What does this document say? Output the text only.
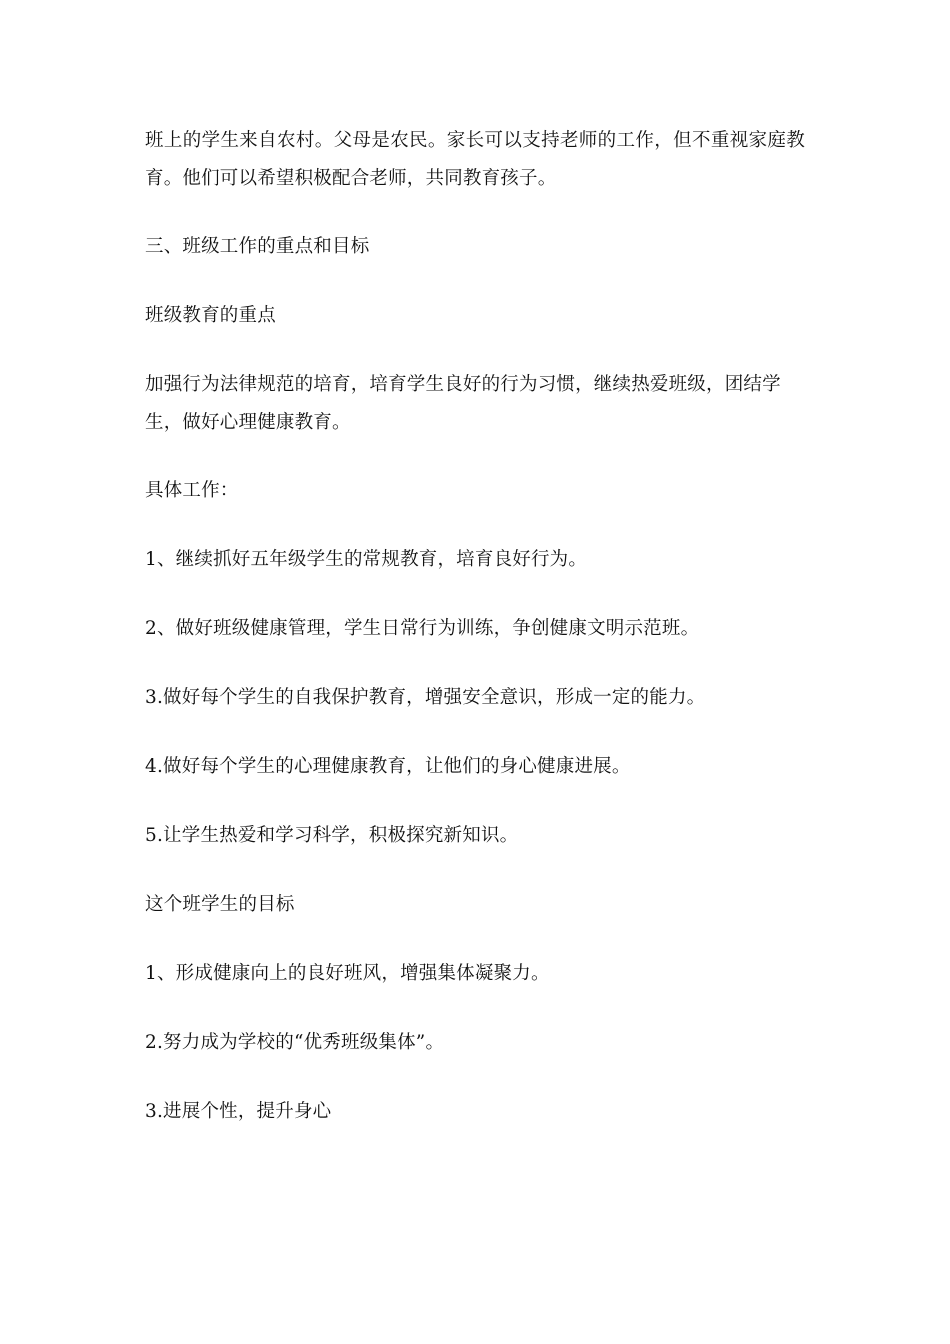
班上的学生来自农村。父母是农民。家长可以支持老师的工作，但不重视家庭教育。他们可以希望积极配合老师，共同教育孩子。

三、班级工作的重点和目标

班级教育的重点

加强行为法律规范的培育，培育学生良好的行为习惯，继续热爱班级，团结学生，做好心理健康教育。

具体工作：

1、继续抓好五年级学生的常规教育，培育良好行为。

2、做好班级健康管理，学生日常行为训练，争创健康文明示范班。

3.做好每个学生的自我保护教育，增强安全意识，形成一定的能力。

4.做好每个学生的心理健康教育，让他们的身心健康进展。

5.让学生热爱和学习科学，积极探究新知识。

这个班学生的目标

1、形成健康向上的良好班风，增强集体凝聚力。

2.努力成为学校的“优秀班级集体”。

3.进展个性，提升身心
